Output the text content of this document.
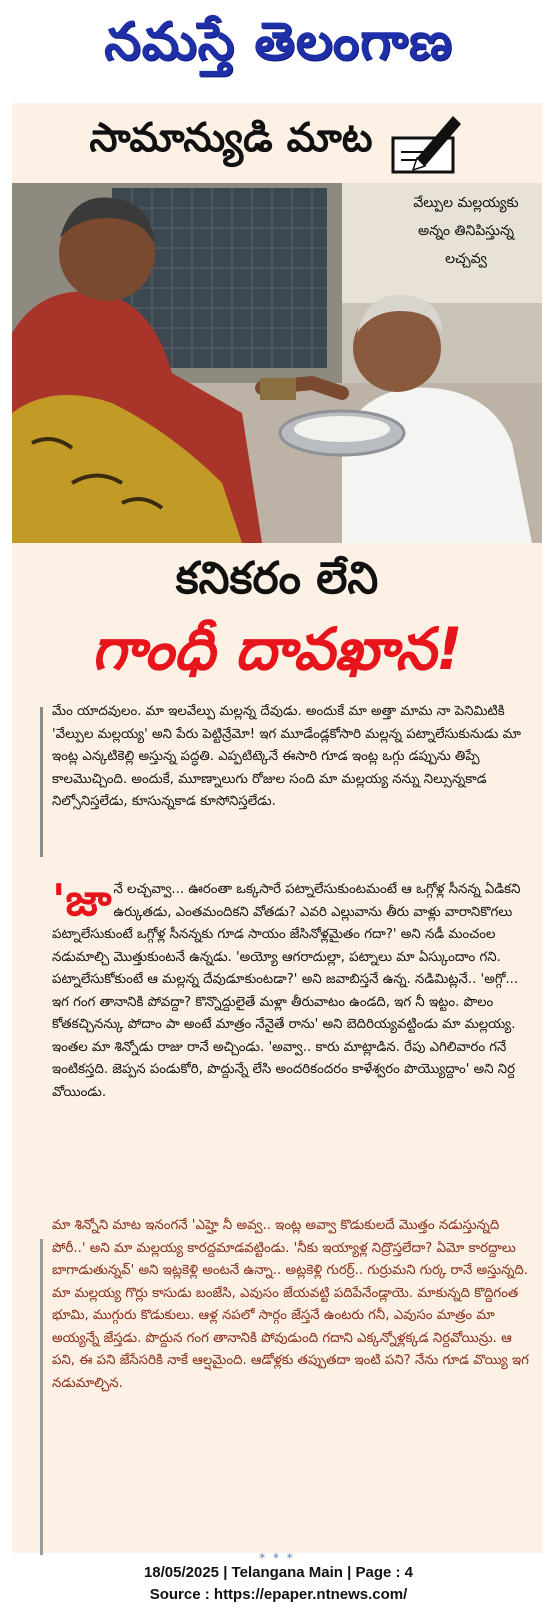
నమస్తే తెలంగాణ
సామాన్యుడి మాట
వేల్పుల మల్లయ్యకు
అన్నం తినిపిస్తున్న
లచ్చవ్వ
కనికరం లేని
గాంధీ దావఖాన!

మేం యాదవులం. మా ఇలవేల్పు మల్లన్న దేవుడు. అందుకే మా అత్తా మామ నా పెనిమిటికి 'వేల్పుల మల్లయ్య' అని పేరు పెట్టిన్రేమో! ఇగ మూడేండ్లకోసారి మల్లన్న పట్నాలేసుకునుడు మా ఇంట్ల ఎన్కటికెల్లి అస్తున్న పద్ధతి. ఎప్పటిట్కెనే ఈసారి గూడ ఇంట్ల ఒగ్గు డప్పును తిప్పే కాలమొచ్చింది. అందుకే, మూణ్నాలుగు రోజుల సంది మా మల్లయ్య నన్ను నిల్సున్నకాడ నిల్సోనిస్తలేడు, కూసున్నకాడ కూసోనిస్తలేడు.

'జా నే లచ్చవ్వా... ఊరంతా ఒక్కసారే పట్నాలేసుకుంటమంటే ఆ ఒగ్గోళ్ల సీనన్న ఏడికని ఉర్కుతడు, ఎంతమందికని వోతడు? ఎవరి ఎల్లువాను తీరు వాళ్లు వారానికొగలు పట్నాలేసుకుంటే ఒగ్గోళ్ల సీనన్నకు గూడ సాయం జేసినోళ్లమైతం గదా?' అని నడీ మంచంల నడుమాల్చి మొత్తుకుంటనే ఉన్నడు. 'అయ్యో ఆగరాదుల్లా, పట్నాలు మా ఏస్కుందాం గని. పట్నాలేసుకోకుంటే ఆ మల్లన్న దేవుడూకుంటడా?' అని జవాబిస్తనే ఉన్న. నడిమిట్లనే.. 'అగ్గో... ఇగ గంగ తానానికి పోవద్దా? కొన్నొద్దులైతే మళ్లా తీరువాటం ఉండది, ఇగ నీ ఇట్టం. పొలం కోతకచ్చినన్కు పోదాం పా అంటే మాత్రం నేనైతే రాను' అని బెదిరియ్యవట్టిండు మా మల్లయ్య. ఇంతల మా శిన్నోడు రాజు రానే అచ్చిండు. 'అవ్వా.. కారు మాట్లాడిన. రేపు ఎగిలివారం గనే ఇంటికస్తది. జెప్పన పండుకోరి, పొద్దున్నే లేసి అందరికందరం కాళేశ్వరం పొయ్యొద్దాం' అని నిర్ద వోయిండు.

మా శిన్నోని మాట ఇనంగనే 'ఎహ్హె నీ అవ్వ.. ఇంట్ల అవ్వా కొడుకులదే మొత్తం నడుస్తున్నది పోరీ..' అని మా మల్లయ్య కారద్దమాడవట్టిండు. 'నీకు ఇయ్యాళ్ల నిద్రొస్తలేదా? ఏమో కారద్దాలు బాగాడుతున్నవ్' అని ఇట్లకెళ్లి అంటనే ఉన్నా.. అట్లకెళ్లి గురర్ర్.. గుర్రుమని గుర్క రానే అస్తున్నది. మా మల్లయ్య గొర్లు కాసుడు బంజేసి, ఎవుసం జేయవట్టి పదిపేనేండ్లాయె. మాకున్నది కొద్దిగంత భూమి, ముగ్గురు కొడుకులు. ఆళ్ల నపలో సార్గం జేస్తనే ఉంటరు గనీ, ఎవుసం మాత్రం మా అయ్యన్నే జేస్తడు. పొద్దున గంగ తానానికి పోవుడుంది గదాని ఎక్కన్నోళ్లక్కడ నిర్దవోయిన్రు. ఆ పని, ఈ పని జేసేసరికి నాకే ఆల్షమైంది. ఆడోళ్లకు తప్పుతదా ఇంటి పని? నేను గూడ వొయ్యి ఇగ నడుమాల్చిన.

* * *
18/05/2025 | Telangana Main | Page : 4
Source : https://epaper.ntnews.com/
